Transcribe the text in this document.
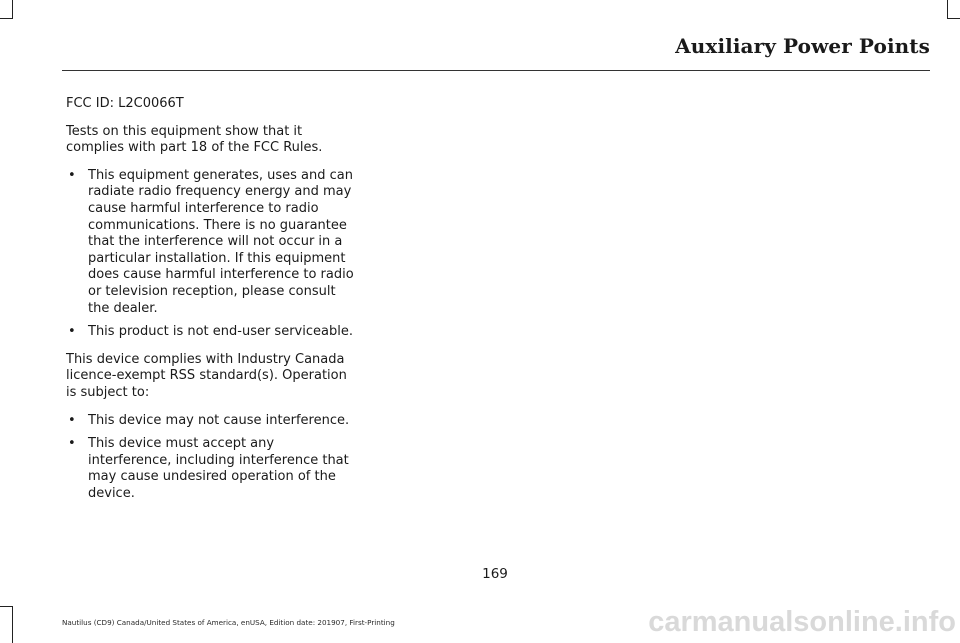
Auxiliary Power Points

FCC ID: L2C0066T

Tests on this equipment show that it complies with part 18 of the FCC Rules.

• This equipment generates, uses and can radiate radio frequency energy and may cause harmful interference to radio communications. There is no guarantee that the interference will not occur in a particular installation. If this equipment does cause harmful interference to radio or television reception, please consult the dealer.
• This product is not end-user serviceable.

This device complies with Industry Canada licence-exempt RSS standard(s). Operation is subject to:

• This device may not cause interference.
• This device must accept any interference, including interference that may cause undesired operation of the device.
169
Nautilus (CD9) Canada/United States of America, enUSA, Edition date: 201907, First-Printing	carmanualsonline.info
